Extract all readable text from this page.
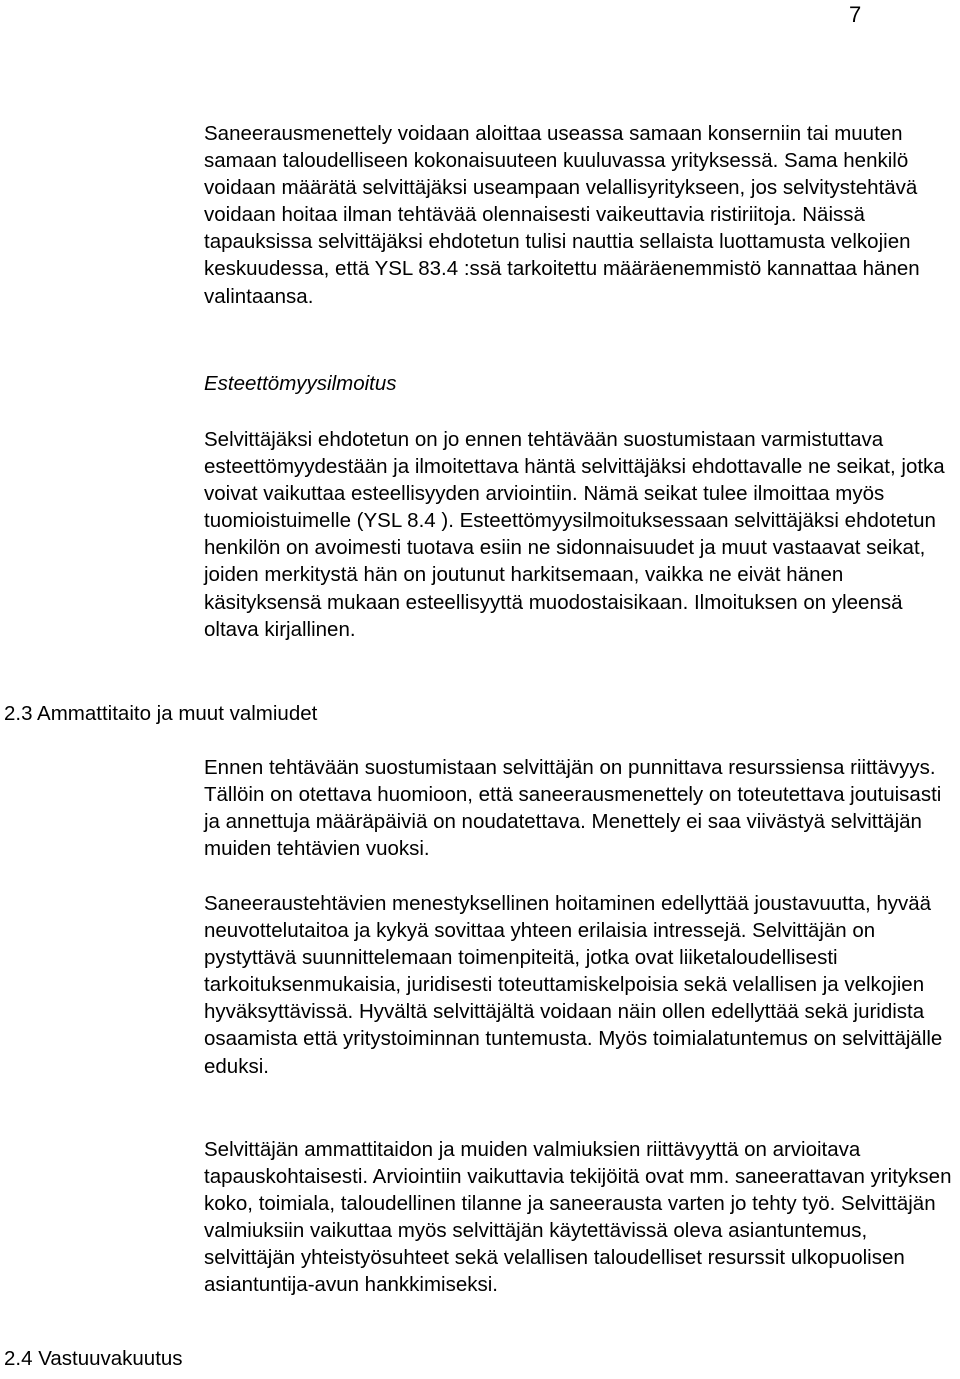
7

Saneerausmenettely voidaan aloittaa useassa samaan konserniin tai muuten samaan taloudelliseen kokonaisuuteen kuuluvassa yrityksessä. Sama henkilö voidaan määrätä selvittäjäksi useampaan velallisyritykseen, jos selvitystehtävä voidaan hoitaa ilman tehtävää olennaisesti vaikeuttavia ristiriitoja. Näissä tapauksissa selvittäjäksi ehdotetun tulisi nauttia sellaista luottamusta velkojien keskuudessa, että YSL 83.4 :ssä tarkoitettu määräenemmistö kannattaa hänen valintaansa.

Esteettömyysilmoitus

Selvittäjäksi ehdotetun on jo ennen tehtävään suostumistaan varmistuttava esteettömyydestään ja ilmoitettava häntä selvittäjäksi ehdottavalle ne seikat, jotka voivat vaikuttaa esteellisyyden arviointiin. Nämä seikat tulee ilmoittaa myös tuomioistuimelle (YSL 8.4 ). Esteettömyysilmoituksessaan selvittäjäksi ehdotetun henkilön on avoimesti tuotava esiin ne sidonnaisuudet ja muut vastaavat seikat, joiden merkitystä hän on joutunut harkitsemaan, vaikka ne eivät hänen käsityksensä mukaan esteellisyyttä muodostaisikaan. Ilmoituksen on yleensä oltava kirjallinen.

2.3 Ammattitaito ja muut valmiudet

Ennen tehtävään suostumistaan selvittäjän on punnittava resurssiensa riittävyys. Tällöin on otettava huomioon, että saneerausmenettely on toteutettava joutuisasti ja annettuja määräpäiviä on noudatettava. Menettely ei saa viivästyä selvittäjän muiden tehtävien vuoksi.

Saneeraustehtävien menestyksellinen hoitaminen edellyttää joustavuutta, hyvää neuvottelutaitoa ja kykyä sovittaa yhteen erilaisia intressejä. Selvittäjän on pystyttävä suunnittelemaan toimenpiteitä, jotka ovat liiketaloudellisesti tarkoituksenmukaisia, juridisesti toteuttamiskelpoisia sekä velallisen ja velkojien hyväksyttävissä. Hyvältä selvittäjältä voidaan näin ollen edellyttää sekä juridista osaamista että yritystoiminnan tuntemusta. Myös toimialatuntemus on selvittäjälle eduksi.

Selvittäjän ammattitaidon ja muiden valmiuksien riittävyyttä on arvioitava tapauskohtaisesti. Arviointiin vaikuttavia tekijöitä ovat mm. saneerattavan yrityksen koko, toimiala, taloudellinen tilanne ja saneerausta varten jo tehty työ. Selvittäjän valmiuksiin vaikuttaa myös selvittäjän käytettävissä oleva asiantuntemus, selvittäjän yhteistyösuhteet sekä velallisen taloudelliset resurssit ulkopuolisen asiantuntija-avun hankkimiseksi.

2.4 Vastuuvakuutus
